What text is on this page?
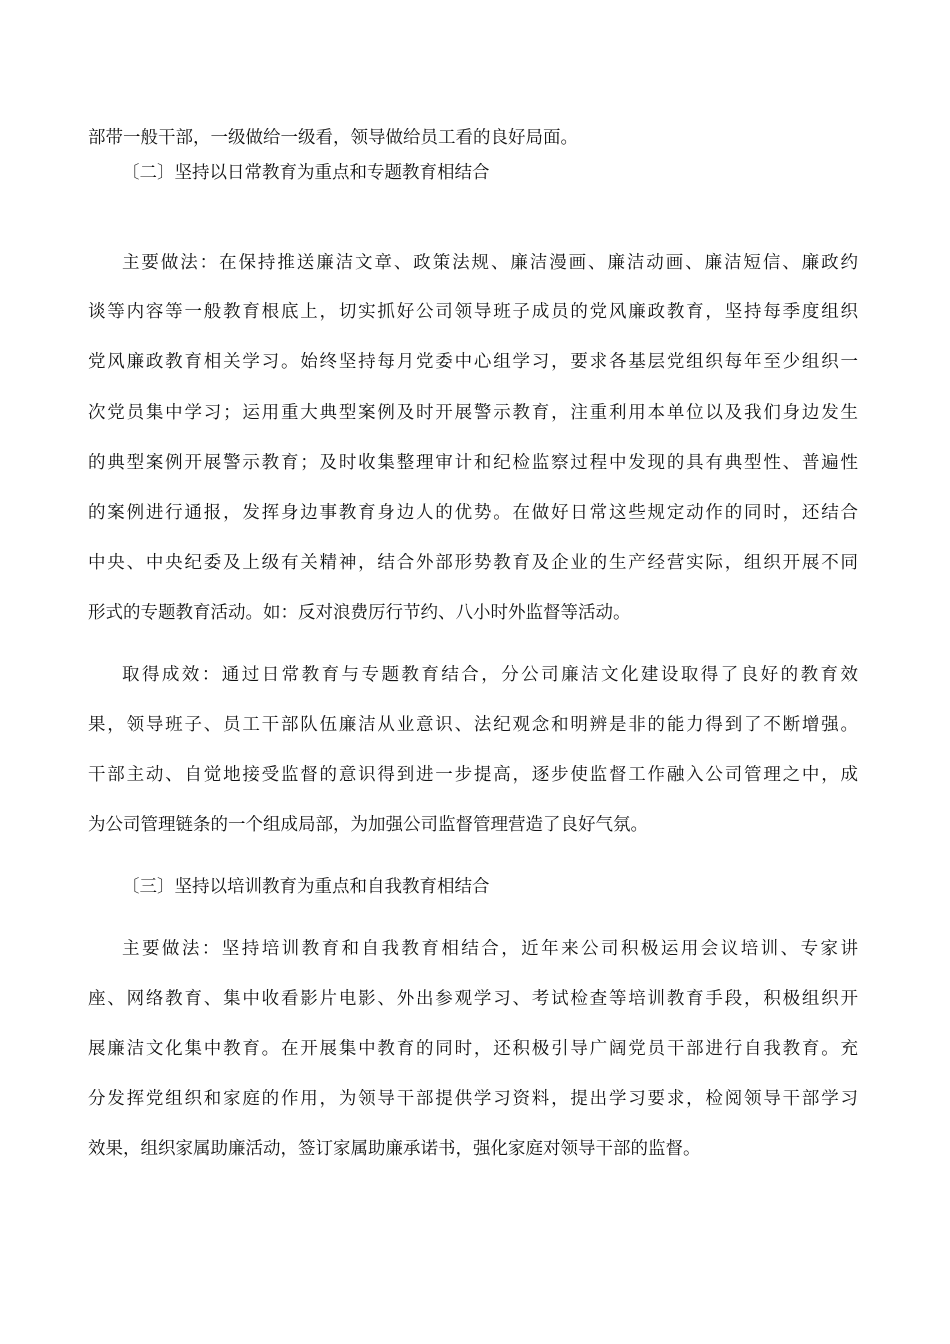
部带一般干部，一级做给一级看，领导做给员工看的良好局面。
〔二〕坚持以日常教育为重点和专题教育相结合
主要做法：在保持推送廉洁文章、政策法规、廉洁漫画、廉洁动画、廉洁短信、廉政约
谈等内容等一般教育根底上，切实抓好公司领导班子成员的党风廉政教育，坚持每季度组织
党风廉政教育相关学习。始终坚持每月党委中心组学习，要求各基层党组织每年至少组织一
次党员集中学习；运用重大典型案例及时开展警示教育，注重利用本单位以及我们身边发生
的典型案例开展警示教育；及时收集整理审计和纪检监察过程中发现的具有典型性、普遍性
的案例进行通报，发挥身边事教育身边人的优势。在做好日常这些规定动作的同时，还结合
中央、中央纪委及上级有关精神，结合外部形势教育及企业的生产经营实际，组织开展不同
形式的专题教育活动。如：反对浪费厉行节约、八小时外监督等活动。
取得成效：通过日常教育与专题教育结合，分公司廉洁文化建设取得了良好的教育效
果，领导班子、员工干部队伍廉洁从业意识、法纪观念和明辨是非的能力得到了不断增强。
干部主动、自觉地接受监督的意识得到进一步提高，逐步使监督工作融入公司管理之中，成
为公司管理链条的一个组成局部，为加强公司监督管理营造了良好气氛。
〔三〕坚持以培训教育为重点和自我教育相结合
主要做法：坚持培训教育和自我教育相结合，近年来公司积极运用会议培训、专家讲
座、网络教育、集中收看影片电影、外出参观学习、考试检查等培训教育手段，积极组织开
展廉洁文化集中教育。在开展集中教育的同时，还积极引导广阔党员干部进行自我教育。充
分发挥党组织和家庭的作用，为领导干部提供学习资料，提出学习要求，检阅领导干部学习
效果，组织家属助廉活动，签订家属助廉承诺书，强化家庭对领导干部的监督。
